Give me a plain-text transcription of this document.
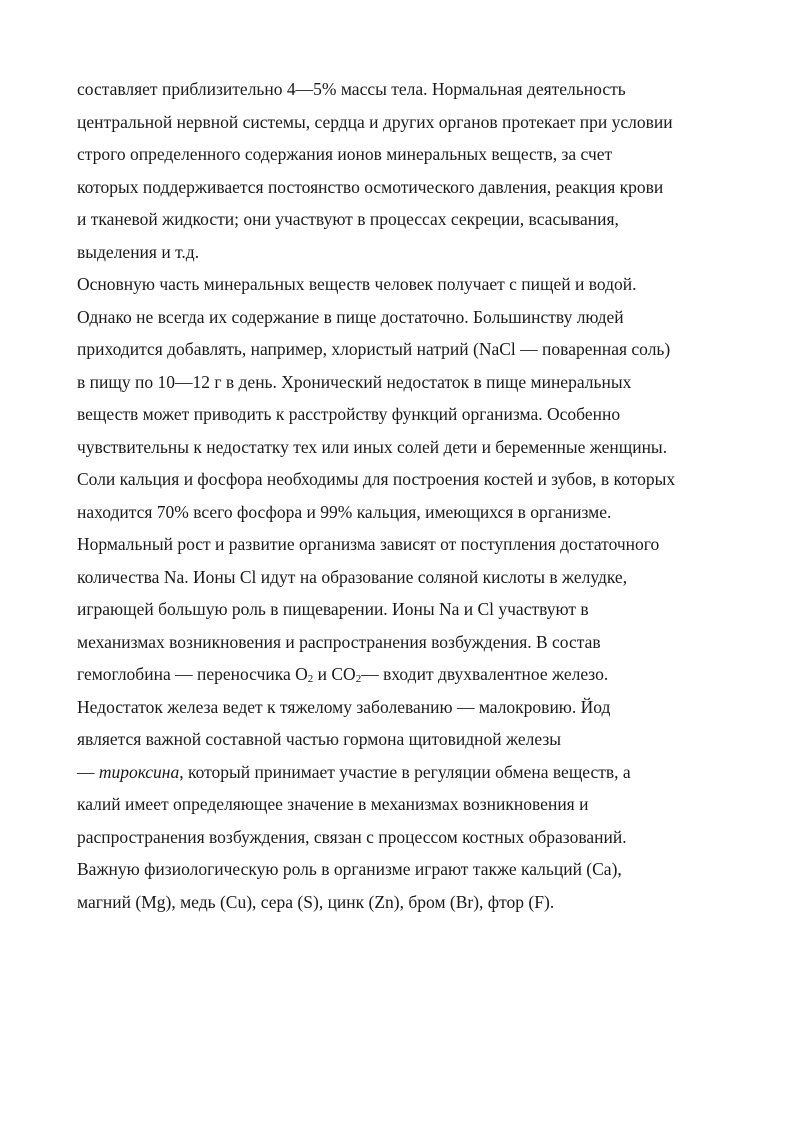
составляет приблизительно 4—5% массы тела. Нормальная деятельность
центральной нервной системы, сердца и других органов протекает при условии
строго определенного содержания ионов минеральных веществ, за счет
которых поддерживается постоянство осмотического давления, реакция крови
и тканевой жидкости; они участвуют в процессах секреции, всасывания,
выделения и т.д.
Основную часть минеральных веществ человек получает с пищей и водой.
Однако не всегда их содержание в пище достаточно. Большинству людей
приходится добавлять, например, хлористый натрий (NaCl — поваренная соль)
в пищу по 10—12 г в день. Хронический недостаток в пище минеральных
веществ может приводить к расстройству функций организма. Особенно
чувствительны к недостатку тех или иных солей дети и беременные женщины.
Соли кальция и фосфора необходимы для построения костей и зубов, в которых
находится 70% всего фосфора и 99% кальция, имеющихся в организме.
Нормальный рост и развитие организма зависят от поступления достаточного
количества Na. Ионы Cl идут на образование соляной кислоты в желудке,
играющей большую роль в пищеварении. Ионы Na и Cl участвуют в
механизмах возникновения и распространения возбуждения. В состав
гемоглобина — переносчика $O_2$ и $CO_2—$ входит двухвалентное железо.
Недостаток железа ведет к тяжелому заболеванию — малокровию. Йод
является важной составной частью гормона щитовидной железы
— тироксина, который принимает участие в регуляции обмена веществ, а
калий имеет определяющее значение в механизмах возникновения и
распространения возбуждения, связан с процессом костных образований.
Важную физиологическую роль в организме играют также кальций (Ca),
магний (Mg), медь (Cu), сера (S), цинк (Zn), бром (Br), фтор (F).
